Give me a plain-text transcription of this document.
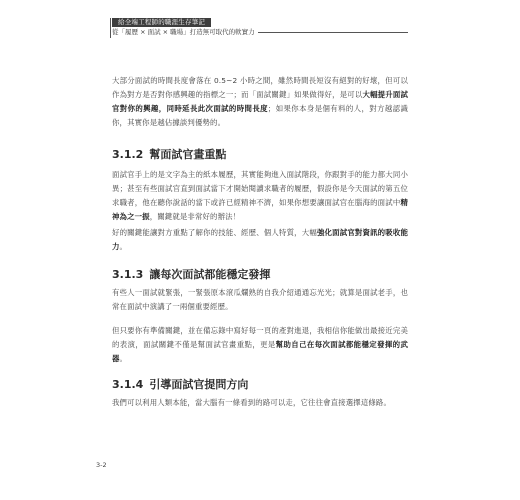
給全端工程師的職涯生存筆記
從「履歷 × 面試 × 職場」打造無可取代的軟實力
大部分面試的時間長度會落在 0.5~2 小時之間，雖然時間長短沒有絕對的好壞，但可以作為對方是否對你感興趣的指標之一；而「面試關鍵」如果做得好，是可以大幅提升面試官對你的興趣，同時延長此次面試的時間長度；如果你本身是個有料的人，對方越認識你，其實你是越佔據談判優勢的。
3.1.2 幫面試官畫重點
面試官手上的是文字為主的紙本履歷，其實能夠進入面試階段，你跟對手的能力都大同小異；甚至有些面試官直到面試當下才開始閱讀求職者的履歷，假設你是今天面試的第五位求職者，他在聽你說話的當下或許已經精神不濟，如果你想要讓面試官在腦海的面試中精神為之一振，關鍵就是非常好的辦法！
好的關鍵能讓對方重點了解你的技能、經歷、個人特質，大幅強化面試官對資訊的吸收能力。
3.1.3 讓每次面試都能穩定發揮
有些人一面試就緊張，一緊張原本滾瓜爛熟的自我介紹通通忘光光；就算是面試老手，也常在面試中演講了一兩個重要經歷。
但只要你有準備關鍵，並在備忘錄中寫好每一頁的產對進退，我相信你能做出最接近完美的表演，面試關鍵不僅是幫面試官畫重點，更是幫助自己在每次面試都能穩定發揮的武器。
3.1.4 引導面試官提問方向
我們可以利用人類本能，當大腦有一條看到的路可以走，它往往會直接選擇這條路。
3-2
